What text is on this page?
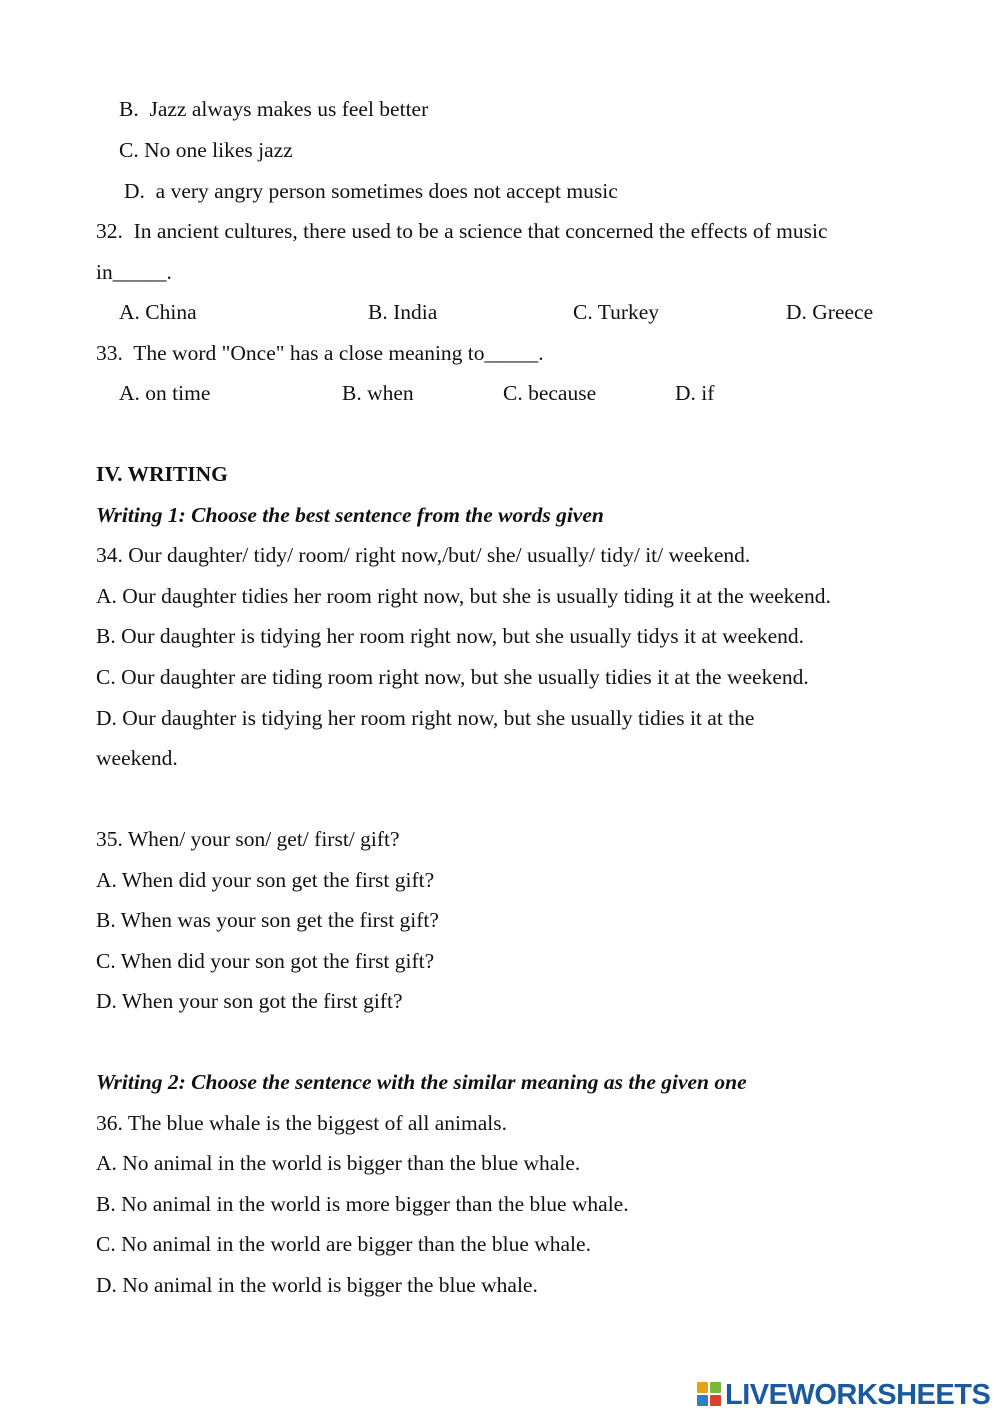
B.  Jazz always makes us feel better

C. No one likes jazz

D.  a very angry person sometimes does not accept music

32.  In ancient cultures, there used to be a science that concerned the effects of music

in_____.

A. China	B. India	C. Turkey	D. Greece

33.  The word "Once" has a close meaning to_____.

A. on time	B. when	C. because	D. if

IV. WRITING

Writing 1: Choose the best sentence from the words given

34. Our daughter/ tidy/ room/ right now,/but/ she/ usually/ tidy/ it/ weekend.

A. Our daughter tidies her room right now, but she is usually tiding it at the weekend.

B. Our daughter is tidying her room right now, but she usually tidys it at weekend.

C. Our daughter are tiding room right now, but she usually tidies it at the weekend.

D. Our daughter is tidying her room right now, but she usually tidies it at the

weekend.

35. When/ your son/ get/ first/ gift?

A. When did your son get the first gift?

B. When was your son get the first gift?

C. When did your son got the first gift?

D. When your son got the first gift?

Writing 2: Choose the sentence with the similar meaning as the given one

36. The blue whale is the biggest of all animals.

A. No animal in the world is bigger than the blue whale.

B. No animal in the world is more bigger than the blue whale.

C. No animal in the world are bigger than the blue whale.

D. No animal in the world is bigger the blue whale.

LIVEWORKSHEETS
